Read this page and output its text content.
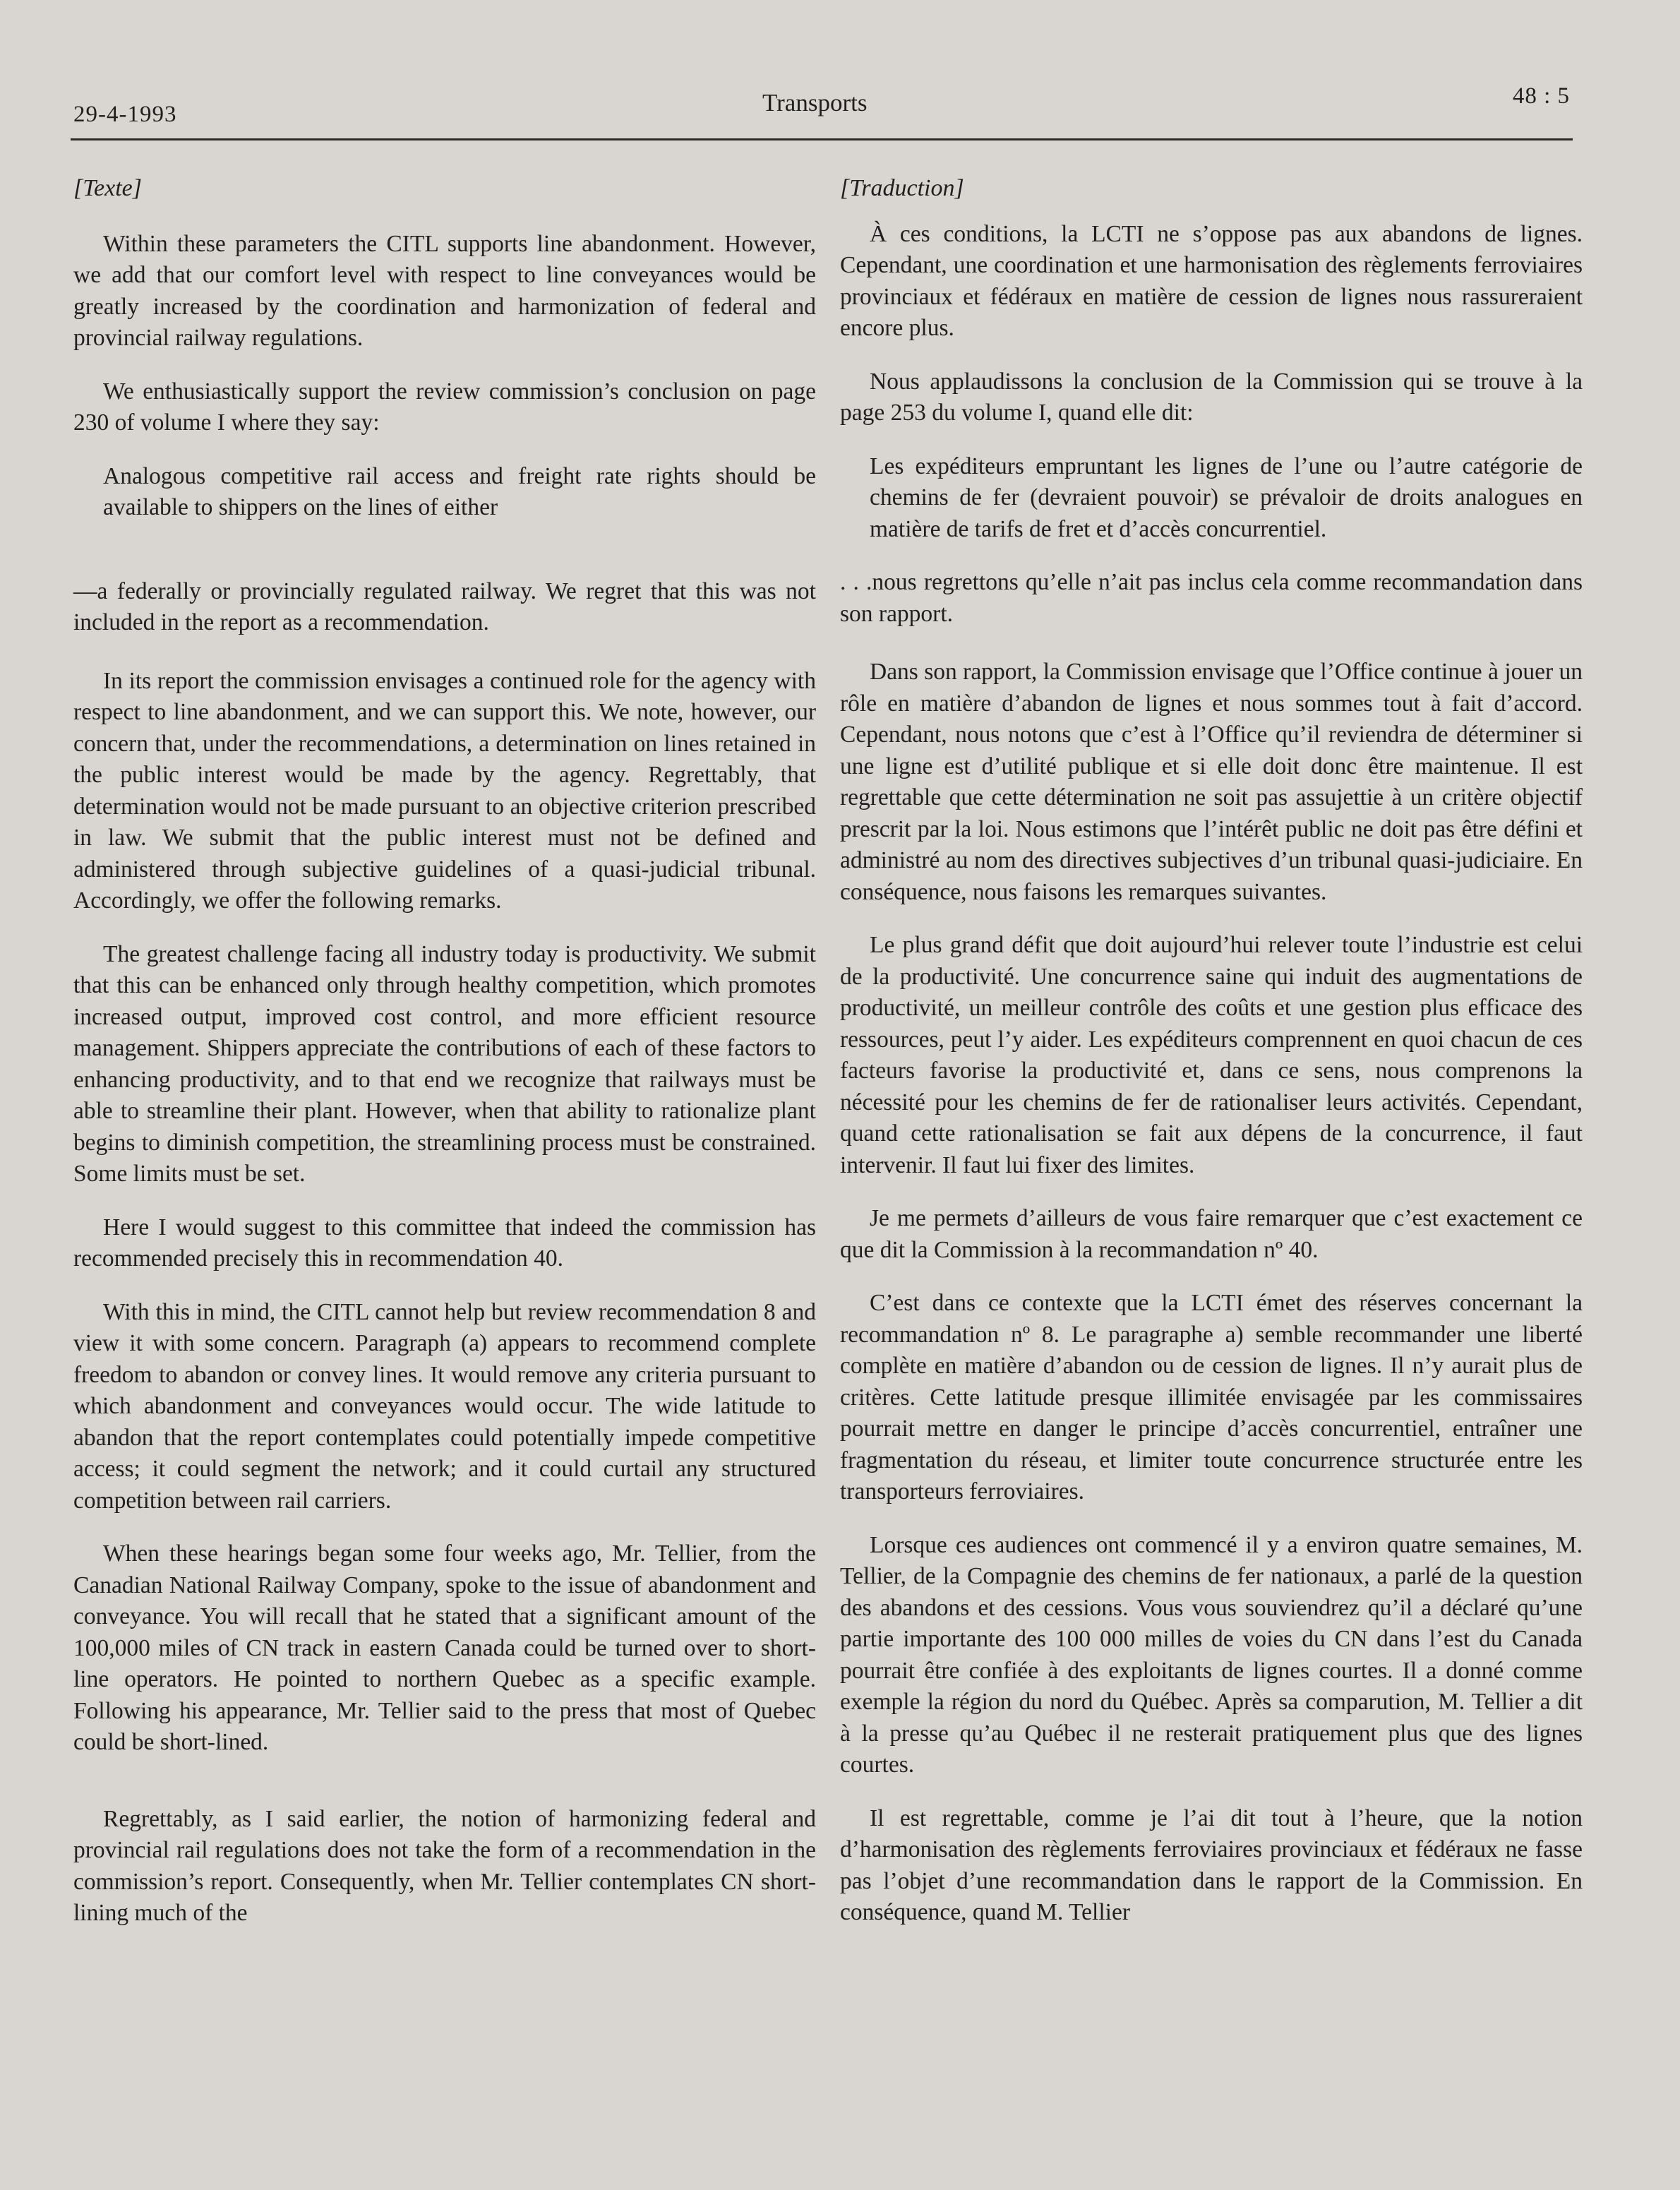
29-4-1993	Transports	48 : 5

[Texte]

Within these parameters the CITL supports line abandonment. However, we add that our comfort level with respect to line conveyances would be greatly increased by the coordination and harmonization of federal and provincial railway regulations.

We enthusiastically support the review commission’s conclusion on page 230 of volume I where they say:

Analogous competitive rail access and freight rate rights should be available to shippers on the lines of either

—a federally or provincially regulated railway. We regret that this was not included in the report as a recommendation.

In its report the commission envisages a continued role for the agency with respect to line abandonment, and we can support this. We note, however, our concern that, under the recommendations, a determination on lines retained in the public interest would be made by the agency. Regrettably, that determination would not be made pursuant to an objective criterion prescribed in law. We submit that the public interest must not be defined and administered through subjective guidelines of a quasi-judicial tribunal. Accordingly, we offer the following remarks.

The greatest challenge facing all industry today is productivity. We submit that this can be enhanced only through healthy competition, which promotes increased output, improved cost control, and more efficient resource management. Shippers appreciate the contributions of each of these factors to enhancing productivity, and to that end we recognize that railways must be able to streamline their plant. However, when that ability to rationalize plant begins to diminish competition, the streamlining process must be constrained. Some limits must be set.

Here I would suggest to this committee that indeed the commission has recommended precisely this in recommendation 40.

With this in mind, the CITL cannot help but review recommendation 8 and view it with some concern. Paragraph (a) appears to recommend complete freedom to abandon or convey lines. It would remove any criteria pursuant to which abandonment and conveyances would occur. The wide latitude to abandon that the report contemplates could potentially impede competitive access; it could segment the network; and it could curtail any structured competition between rail carriers.

When these hearings began some four weeks ago, Mr. Tellier, from the Canadian National Railway Company, spoke to the issue of abandonment and conveyance. You will recall that he stated that a significant amount of the 100,000 miles of CN track in eastern Canada could be turned over to short-line operators. He pointed to northern Quebec as a specific example. Following his appearance, Mr. Tellier said to the press that most of Quebec could be short-lined.

Regrettably, as I said earlier, the notion of harmonizing federal and provincial rail regulations does not take the form of a recommendation in the commission’s report. Consequently, when Mr. Tellier contemplates CN short-lining much of the

[Traduction]

À ces conditions, la LCTI ne s’oppose pas aux abandons de lignes. Cependant, une coordination et une harmonisation des règlements ferroviaires provinciaux et fédéraux en matière de cession de lignes nous rassureraient encore plus.

Nous applaudissons la conclusion de la Commission qui se trouve à la page 253 du volume I, quand elle dit:

Les expéditeurs empruntant les lignes de l’une ou l’autre catégorie de chemins de fer (devraient pouvoir) se prévaloir de droits analogues en matière de tarifs de fret et d’accès concurrentiel.

. . .nous regrettons qu’elle n’ait pas inclus cela comme recommandation dans son rapport.

Dans son rapport, la Commission envisage que l’Office continue à jouer un rôle en matière d’abandon de lignes et nous sommes tout à fait d’accord. Cependant, nous notons que c’est à l’Office qu’il reviendra de déterminer si une ligne est d’utilité publique et si elle doit donc être maintenue. Il est regrettable que cette détermination ne soit pas assujettie à un critère objectif prescrit par la loi. Nous estimons que l’intérêt public ne doit pas être défini et administré au nom des directives subjectives d’un tribunal quasi-judiciaire. En conséquence, nous faisons les remarques suivantes.

Le plus grand défit que doit aujourd’hui relever toute l’industrie est celui de la productivité. Une concurrence saine qui induit des augmentations de productivité, un meilleur contrôle des coûts et une gestion plus efficace des ressources, peut l’y aider. Les expéditeurs comprennent en quoi chacun de ces facteurs favorise la productivité et, dans ce sens, nous comprenons la nécessité pour les chemins de fer de rationaliser leurs activités. Cependant, quand cette rationalisation se fait aux dépens de la concurrence, il faut intervenir. Il faut lui fixer des limites.

Je me permets d’ailleurs de vous faire remarquer que c’est exactement ce que dit la Commission à la recommandation nº 40.

C’est dans ce contexte que la LCTI émet des réserves concernant la recommandation nº 8. Le paragraphe a) semble recommander une liberté complète en matière d’abandon ou de cession de lignes. Il n’y aurait plus de critères. Cette latitude presque illimitée envisagée par les commissaires pourrait mettre en danger le principe d’accès concurrentiel, entraîner une fragmentation du réseau, et limiter toute concurrence structurée entre les transporteurs ferroviaires.

Lorsque ces audiences ont commencé il y a environ quatre semaines, M. Tellier, de la Compagnie des chemins de fer nationaux, a parlé de la question des abandons et des cessions. Vous vous souviendrez qu’il a déclaré qu’une partie importante des 100 000 milles de voies du CN dans l’est du Canada pourrait être confiée à des exploitants de lignes courtes. Il a donné comme exemple la région du nord du Québec. Après sa comparution, M. Tellier a dit à la presse qu’au Québec il ne resterait pratiquement plus que des lignes courtes.

Il est regrettable, comme je l’ai dit tout à l’heure, que la notion d’harmonisation des règlements ferroviaires provinciaux et fédéraux ne fasse pas l’objet d’une recommandation dans le rapport de la Commission. En conséquence, quand M. Tellier
